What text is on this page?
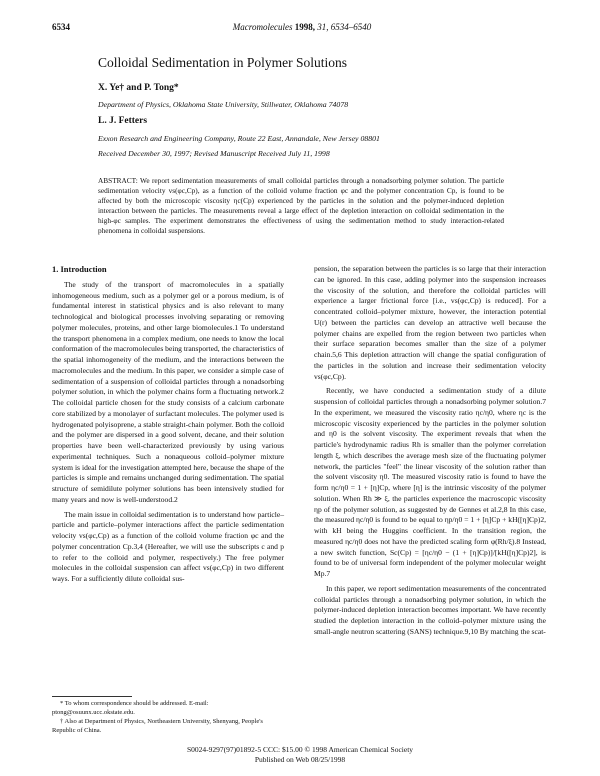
6534	Macromolecules 1998, 31, 6534–6540
Colloidal Sedimentation in Polymer Solutions
X. Ye† and P. Tong*
Department of Physics, Oklahoma State University, Stillwater, Oklahoma 74078
L. J. Fetters
Exxon Research and Engineering Company, Route 22 East, Annandale, New Jersey 08801
Received December 30, 1997; Revised Manuscript Received July 11, 1998
ABSTRACT: We report sedimentation measurements of small colloidal particles through a nonadsorbing polymer solution. The particle sedimentation velocity vs(φc,Cp), as a function of the colloid volume fraction φc and the polymer concentration Cp, is found to be affected by both the microscopic viscosity ηc(Cp) experienced by the particles in the solution and the polymer-induced depletion interaction between the particles. The measurements reveal a large effect of the depletion interaction on colloidal sedimentation in the high-φc samples. The experiment demonstrates the effectiveness of using the sedimentation method to study interaction-related phenomena in colloidal suspensions.
1. Introduction

The study of the transport of macromolecules in a spatially inhomogeneous medium, such as a polymer gel or a porous medium, is of fundamental interest in statistical physics and is also relevant to many technological and biological processes involving separating or removing polymer molecules, proteins, and other large biomolecules.1 To understand the transport phenomena in a complex medium, one needs to know the local conformation of the macromolecules being transported, the characteristics of the spatial inhomogeneity of the medium, and the interactions between the macromolecules and the medium. In this paper, we consider a simple case of sedimentation of a suspension of colloidal particles through a nonadsorbing polymer solution, in which the polymer chains form a fluctuating network.2 The colloidal particle chosen for the study consists of a calcium carbonate core stabilized by a monolayer of surfactant molecules. The polymer used is hydrogenated polyisoprene, a stable straight-chain polymer. Both the colloid and the polymer are dispersed in a good solvent, decane, and their solution properties have been well-characterized previously by using various experimental techniques. Such a nonaqueous colloid–polymer mixture system is ideal for the investigation attempted here, because the shape of the particles is simple and remains unchanged during sedimentation. The spatial structure of semidilute polymer solutions has been intensively studied for many years and now is well-understood.2

The main issue in colloidal sedimentation is to understand how particle–particle and particle–polymer interactions affect the particle sedimentation velocity vs(φc,Cp) as a function of the colloid volume fraction φc and the polymer concentration Cp.3,4 (Hereafter, we will use the subscripts c and p to refer to the colloid and polymer, respectively.) The free polymer molecules in the colloidal suspension can affect vs(φc,Cp) in two different ways. For a sufficiently dilute colloidal sus-

pension, the separation between the particles is so large that their interaction can be ignored. In this case, adding polymer into the suspension increases the viscosity of the solution, and therefore the colloidal particles will experience a larger frictional force [i.e., vs(φc,Cp) is reduced]. For a concentrated colloid–polymer mixture, however, the interaction potential U(r) between the particles can develop an attractive well because the polymer chains are expelled from the region between two particles when their surface separation becomes smaller than the size of a polymer chain.5,6 This depletion attraction will change the spatial configuration of the particles in the solution and increase their sedimentation velocity vs(φc,Cp).

Recently, we have conducted a sedimentation study of a dilute suspension of colloidal particles through a nonadsorbing polymer solution.7 In the experiment, we measured the viscosity ratio ηc/η0, where ηc is the microscopic viscosity experienced by the particles in the polymer solution and η0 is the solvent viscosity. The experiment reveals that when the particle's hydrodynamic radius Rh is smaller than the polymer correlation length ξ, which describes the average mesh size of the fluctuating polymer network, the particles "feel" the linear viscosity of the solution rather than the solvent viscosity η0. The measured viscosity ratio is found to have the form ηc/η0 = 1 + [η]Cp, where [η] is the intrinsic viscosity of the polymer solution. When Rh ≫ ξ, the particles experience the macroscopic viscosity ηp of the polymer solution, as suggested by de Gennes et al.2,8 In this case, the measured ηc/η0 is found to be equal to ηp/η0 = 1 + [η]Cp + kH([η]Cp)2, with kH being the Huggins coefficient. In the transition region, the measured ηc/η0 does not have the predicted scaling form φ(Rh/ξ).8 Instead, a new switch function, Sc(Cp) = [ηc/η0 − (1 + [η]Cp)]/[kH([η]Cp)2], is found to be of universal form independent of the polymer molecular weight Mp.7

In this paper, we report sedimentation measurements of the concentrated colloidal particles through a nonadsorbing polymer solution, in which the polymer-induced depletion interaction becomes important. We have recently studied the depletion interaction in the colloid–polymer mixture using the small-angle neutron scattering (SANS) technique.9,10 By matching the scat-

* To whom correspondence should be addressed. E-mail: ptong@osuunx.ucc.okstate.edu.

† Also at Department of Physics, Northeastern University, Shenyang, People's Republic of China.

S0024-9297(97)01892-5 CCC: $15.00 © 1998 American Chemical Society
Published on Web 08/25/1998
